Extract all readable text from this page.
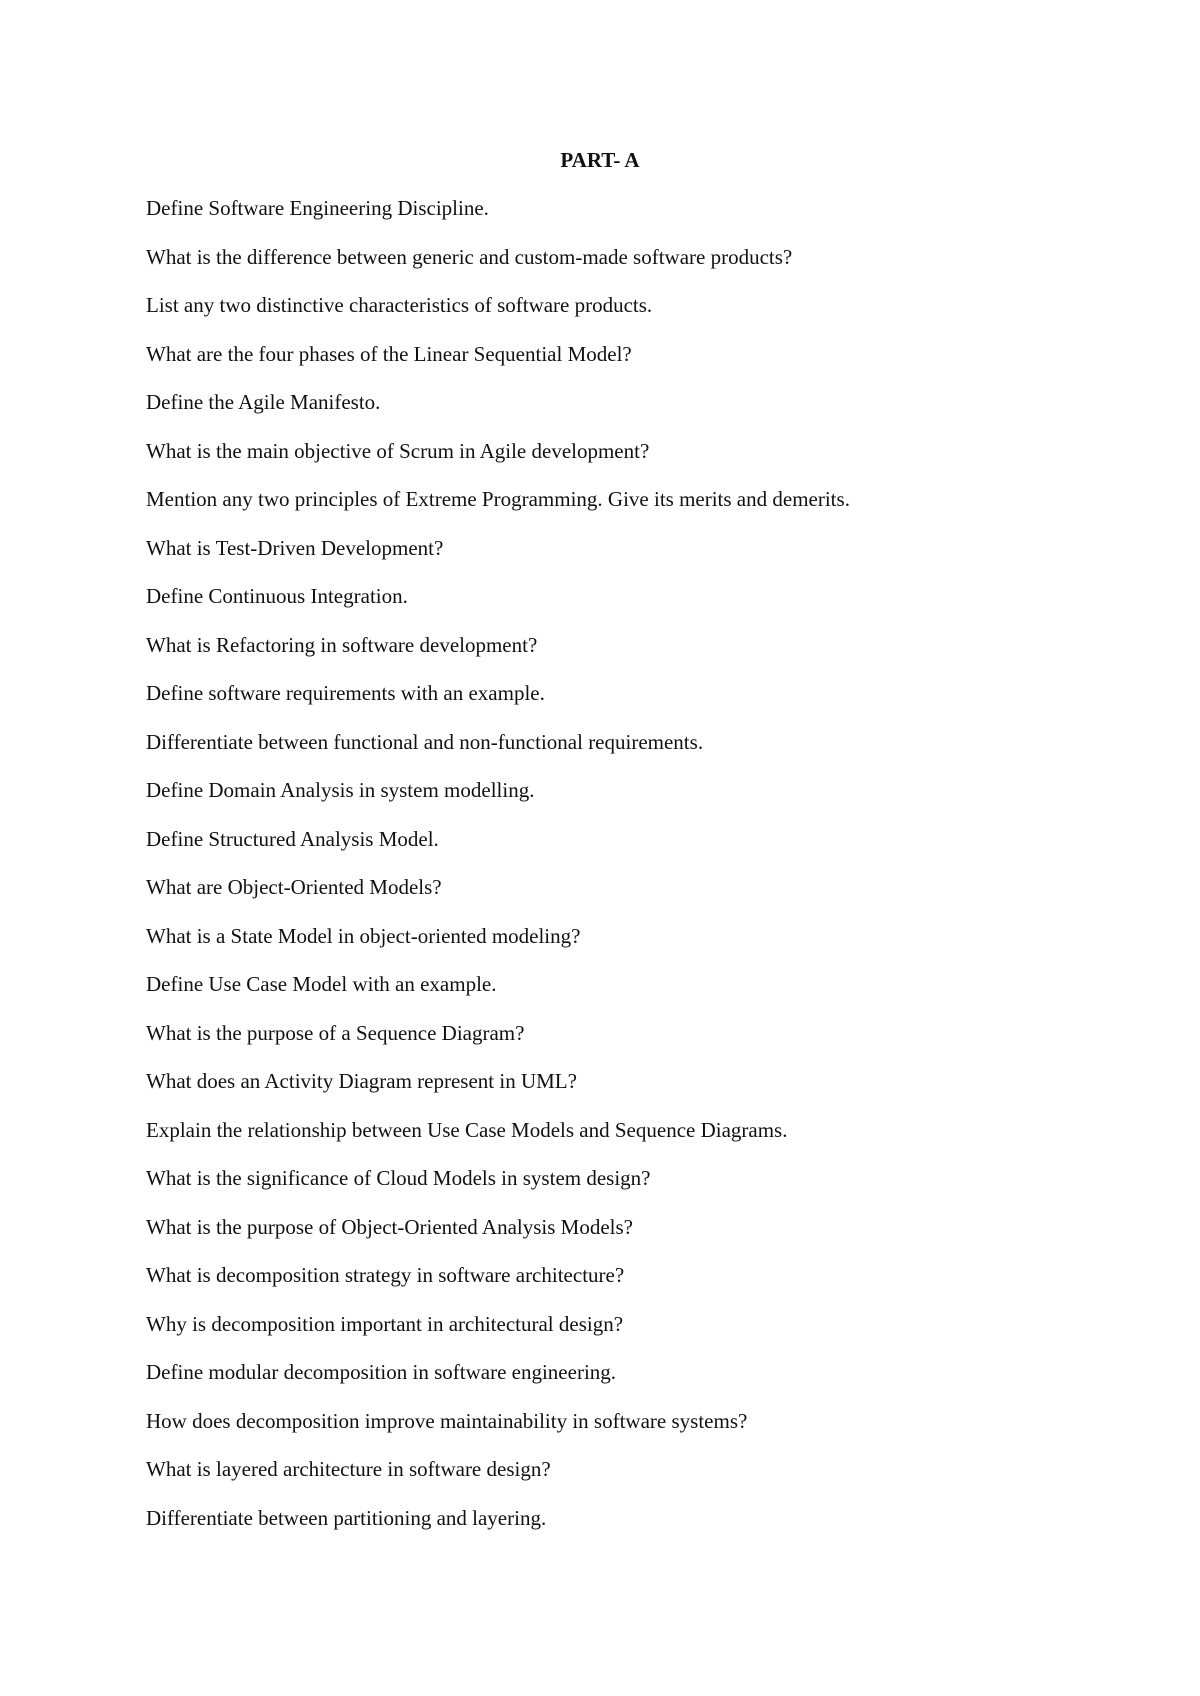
PART- A
Define Software Engineering Discipline.
What is the difference between generic and custom-made software products?
List any two distinctive characteristics of software products.
What are the four phases of the Linear Sequential Model?
Define the Agile Manifesto.
What is the main objective of Scrum in Agile development?
Mention any two principles of Extreme Programming. Give its merits and demerits.
What is Test-Driven Development?
Define Continuous Integration.
What is Refactoring in software development?
Define software requirements with an example.
Differentiate between functional and non-functional requirements.
Define Domain Analysis in system modelling.
Define Structured Analysis Model.
What are Object-Oriented Models?
What is a State Model in object-oriented modeling?
Define Use Case Model with an example.
What is the purpose of a Sequence Diagram?
What does an Activity Diagram represent in UML?
Explain the relationship between Use Case Models and Sequence Diagrams.
What is the significance of Cloud Models in system design?
What is the purpose of Object-Oriented Analysis Models?
What is decomposition strategy in software architecture?
Why is decomposition important in architectural design?
Define modular decomposition in software engineering.
How does decomposition improve maintainability in software systems?
What is layered architecture in software design?
Differentiate between partitioning and layering.
